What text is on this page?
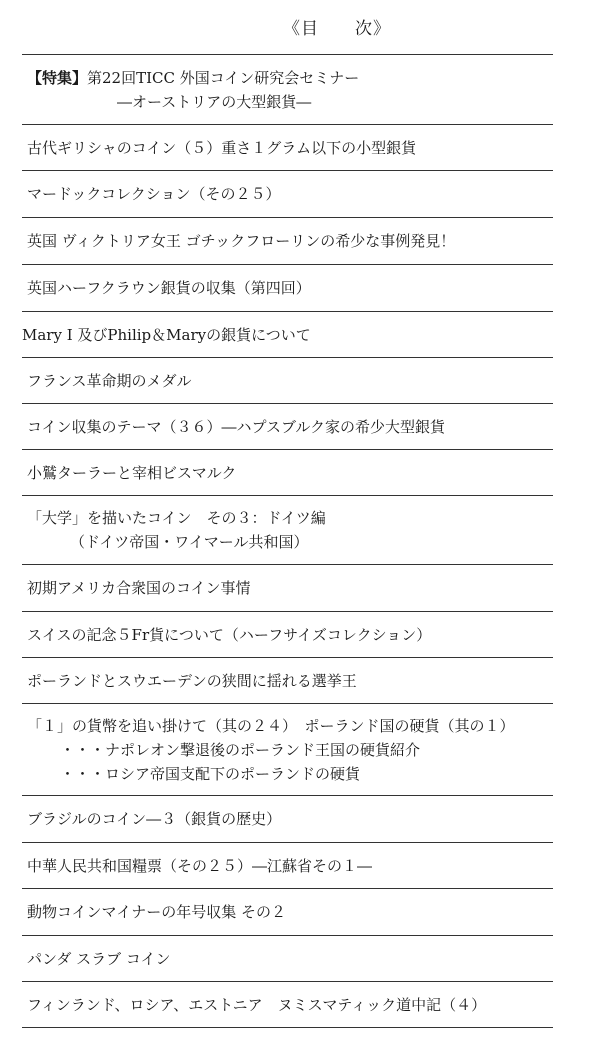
《目　　次》
【特集】第22回TICC 外国コイン研究会セミナー
―オーストリアの大型銀貨―
古代ギリシャのコイン（５）重さ１グラム以下の小型銀貨
マードックコレクション（その２５）
英国 ヴィクトリア女王 ゴチックフローリンの希少な事例発見！
英国ハーフクラウン銀貨の収集（第四回）
Mary I 及びPhilip＆Maryの銀貨について
フランス革命期のメダル
コイン収集のテーマ（３６）―ハプスブルク家の希少大型銀貨
小鷲ターラーと宰相ビスマルク
「大学」を描いたコイン　その３：ドイツ編
（ドイツ帝国・ワイマール共和国）
初期アメリカ合衆国のコイン事情
スイスの記念５Fr貨について（ハーフサイズコレクション）
ポーランドとスウエーデンの狭間に揺れる選挙王
「１」の貨幣を追い掛けて（其の２４）　ポーランド国の硬貨（其の１）
・・・ナポレオン撃退後のポーランド王国の硬貨紹介
・・・ロシア帝国支配下のポーランドの硬貨
ブラジルのコイン―３（銀貨の歴史）
中華人民共和国糧票（その２５）―江蘇省その１―
動物コインマイナーの年号収集 その２
パンダ スラブ コイン
フィンランド、ロシア、エストニア　ヌミスマティック道中記（４）
